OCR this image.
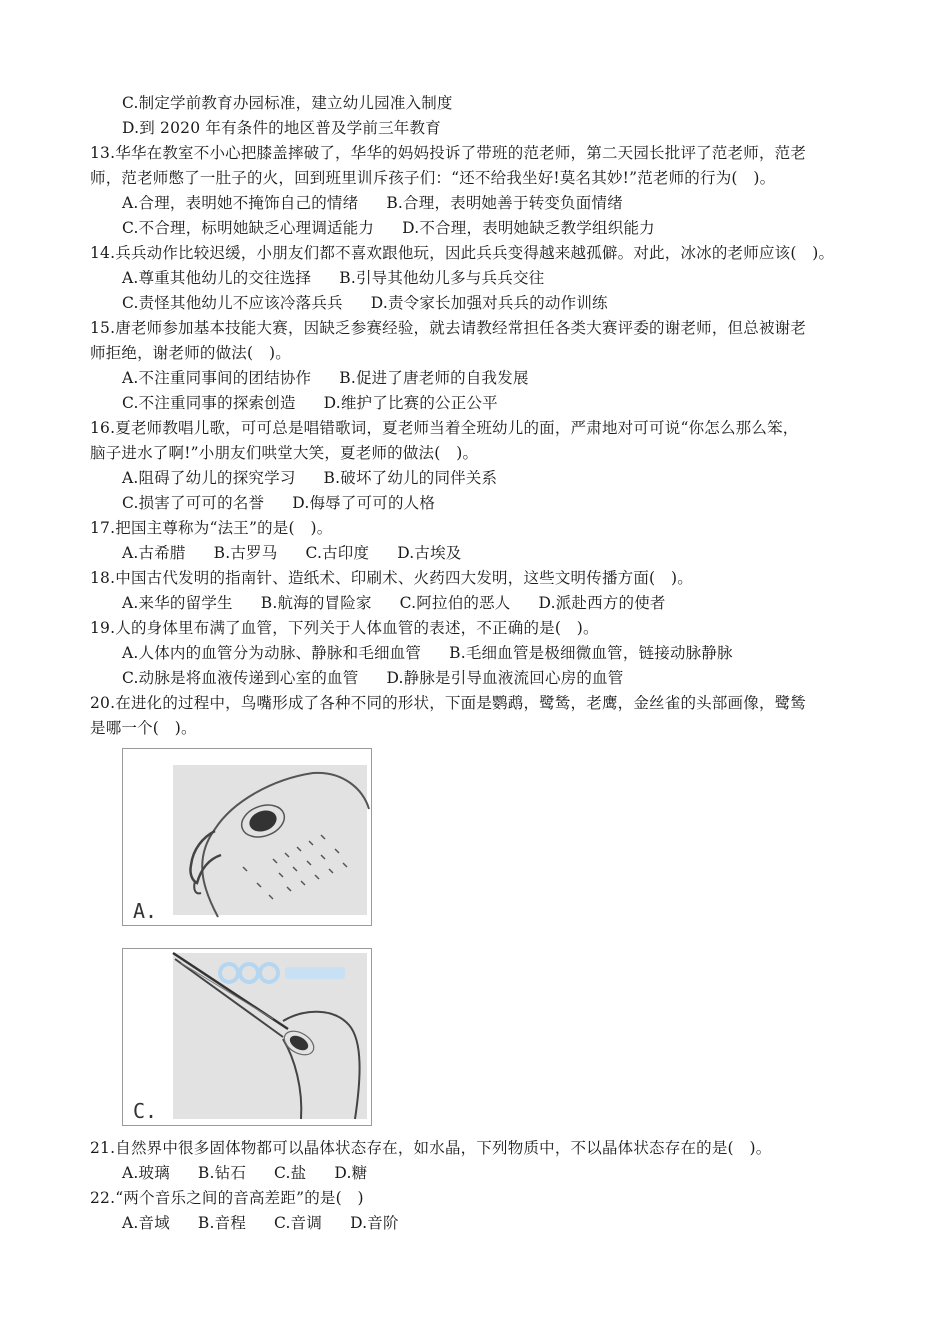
C.制定学前教育办园标准，建立幼儿园准入制度
D.到 2020 年有条件的地区普及学前三年教育
13.华华在教室不小心把膝盖摔破了，华华的妈妈投诉了带班的范老师，第二天园长批评了范老师，范老
师，范老师憋了一肚子的火，回到班里训斥孩子们：“还不给我坐好!莫名其妙!”范老师的行为(　)。
A.合理，表明她不掩饰自己的情绪 B.合理，表明她善于转变负面情绪
C.不合理，标明她缺乏心理调适能力 D.不合理，表明她缺乏教学组织能力
14.兵兵动作比较迟缓，小朋友们都不喜欢跟他玩，因此兵兵变得越来越孤僻。对此，冰冰的老师应该(　)。
A.尊重其他幼儿的交往选择 B.引导其他幼儿多与兵兵交往
C.责怪其他幼儿不应该冷落兵兵 D.责令家长加强对兵兵的动作训练
15.唐老师参加基本技能大赛，因缺乏参赛经验，就去请教经常担任各类大赛评委的谢老师，但总被谢老
师拒绝，谢老师的做法(　)。
A.不注重同事间的团结协作 B.促进了唐老师的自我发展
C.不注重同事的探索创造 D.维护了比赛的公正公平
16.夏老师教唱儿歌，可可总是唱错歌词，夏老师当着全班幼儿的面，严肃地对可可说“你怎么那么笨，
脑子进水了啊!”小朋友们哄堂大笑，夏老师的做法(　)。
A.阻碍了幼儿的探究学习 B.破坏了幼儿的同伴关系
C.损害了可可的名誉 D.侮辱了可可的人格
17.把国主尊称为“法王”的是(　)。
A.古希腊 B.古罗马 C.古印度 D.古埃及
18.中国古代发明的指南针、造纸术、印刷术、火药四大发明，这些文明传播方面(　)。
A.来华的留学生 B.航海的冒险家 C.阿拉伯的恶人 D.派赴西方的使者
19.人的身体里布满了血管，下列关于人体血管的表述，不正确的是(　)。
A.人体内的血管分为动脉、静脉和毛细血管 B.毛细血管是极细微血管，链接动脉静脉
C.动脉是将血液传递到心室的血管 D.静脉是引导血液流回心房的血管
20.在进化的过程中，鸟嘴形成了各种不同的形状，下面是鹦鹉，鹭鸶，老鹰，金丝雀的头部画像，鹭鸶
是哪一个(　)。
A.
C.
21.自然界中很多固体物都可以晶体状态存在，如水晶，下列物质中，不以晶体状态存在的是(　)。
A.玻璃 B.钻石 C.盐 D.糖
22.“两个音乐之间的音高差距”的是(　)
A.音域 B.音程 C.音调 D.音阶
